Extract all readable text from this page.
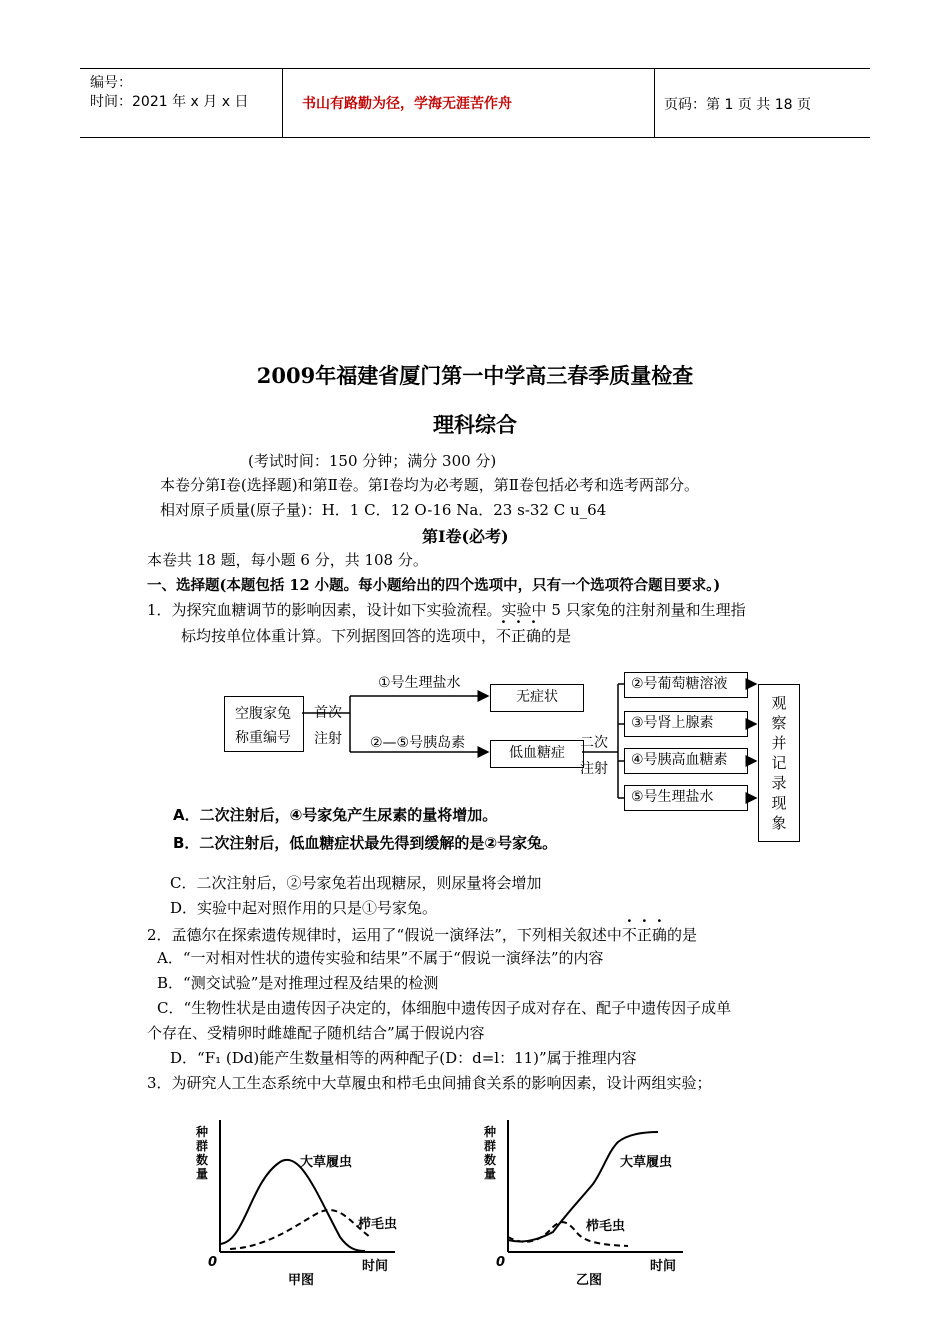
编号：
时间：2021 年 x 月 x 日	书山有路勤为径，学海无涯苦作舟	页码：第 1 页 共 18 页
2009年福建省厦门第一中学高三春季质量检查
理科综合
(考试时间：150 分钟；满分 300 分)
本卷分第Ⅰ卷(选择题)和第Ⅱ卷。第Ⅰ卷均为必考题，第Ⅱ卷包括必考和选考两部分。
相对原子质量(原子量)：H．1 C．12 O-16 Na．23 s-32 C u_64
第Ⅰ卷(必考)
本卷共 18 题，每小题 6 分，共 108 分。
一、选择题(本题包括 12 小题。每小题给出的四个选项中，只有一个选项符合题目要求。)
1．为探究血糖调节的影响因素，设计如下实验流程。实验中 5 只家兔的注射剂量和生理指
标均按单位体重计算。下列据图回答的选项中，不正确的是
空腹家兔
称重编号
首次
注射
①号生理盐水
无症状
②—⑤号胰岛素
低血糖症
二次
注射
②号葡萄糖溶液
③号肾上腺素
④号胰高血糖素
⑤号生理盐水
观
察
并
记
录
现
象
A．二次注射后，④号家兔产生尿素的量将增加。
B．二次注射后，低血糖症状最先得到缓解的是②号家兔。
C．二次注射后，②号家兔若出现糖尿，则尿量将会增加
D．实验中起对照作用的只是①号家兔。
2．孟德尔在探索遗传规律时，运用了“假说一演绎法”，下列相关叙述中不正确的是
A．“一对相对性状的遗传实验和结果”不属于“假说一演绎法”的内容
B．“测交试验”是对推理过程及结果的检测
C．“生物性状是由遗传因子决定的，体细胞中遗传因子成对存在、配子中遗传因子成单
个存在、受精卵时雌雄配子随机结合”属于假说内容
D．“F₁ (Dd)能产生数量相等的两种配子(D：d=l：11)”属于推理内容
3．为研究人工生态系统中大草履虫和栉毛虫间捕食关系的影响因素，设计两组实验；
种
群
数
量
0	时间
大草履虫
栉毛虫
甲图
种
群
数
量
0	时间
大草履虫
栉毛虫
乙图
